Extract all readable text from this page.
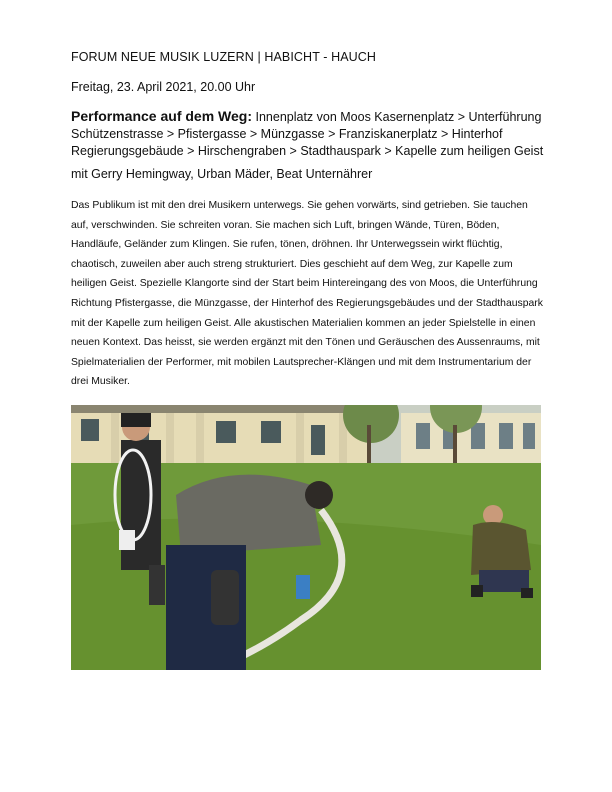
FORUM NEUE MUSIK LUZERN | HABICHT - HAUCH
Freitag, 23. April 2021, 20.00 Uhr
Performance auf dem Weg: Innenplatz von Moos Kasernenplatz > Unterführung Schützenstrasse > Pfistergasse > Münzgasse > Franziskanerplatz > Hinterhof Regierungsgebäude > Hirschengraben > Stadthauspark > Kapelle zum heiligen Geist
mit Gerry Hemingway, Urban Mäder, Beat Unternährer

Das Publikum ist mit den drei Musikern unterwegs. Sie gehen vorwärts, sind getrieben. Sie tauchen auf, verschwinden. Sie schreiten voran. Sie machen sich Luft, bringen Wände, Türen, Böden, Handläufe, Geländer zum Klingen. Sie rufen, tönen, dröhnen. Ihr Unterwegssein wirkt flüchtig, chaotisch, zuweilen aber auch streng strukturiert. Dies geschieht auf dem Weg, zur Kapelle zum heiligen Geist. Spezielle Klangorte sind der Start beim Hintereingang des von Moos, die Unterführung Richtung Pfistergasse, die Münzgasse, der Hinterhof des Regierungsgebäudes und der Stadthauspark mit der Kapelle zum heiligen Geist. Alle akustischen Materialien kommen an jeder Spielstelle in einen neuen Kontext. Das heisst, sie werden ergänzt mit den Tönen und Geräuschen des Aussenraums, mit Spielmaterialien der Performer, mit mobilen Lautsprecher-Klängen und mit dem Instrumentarium der drei Musiker.
